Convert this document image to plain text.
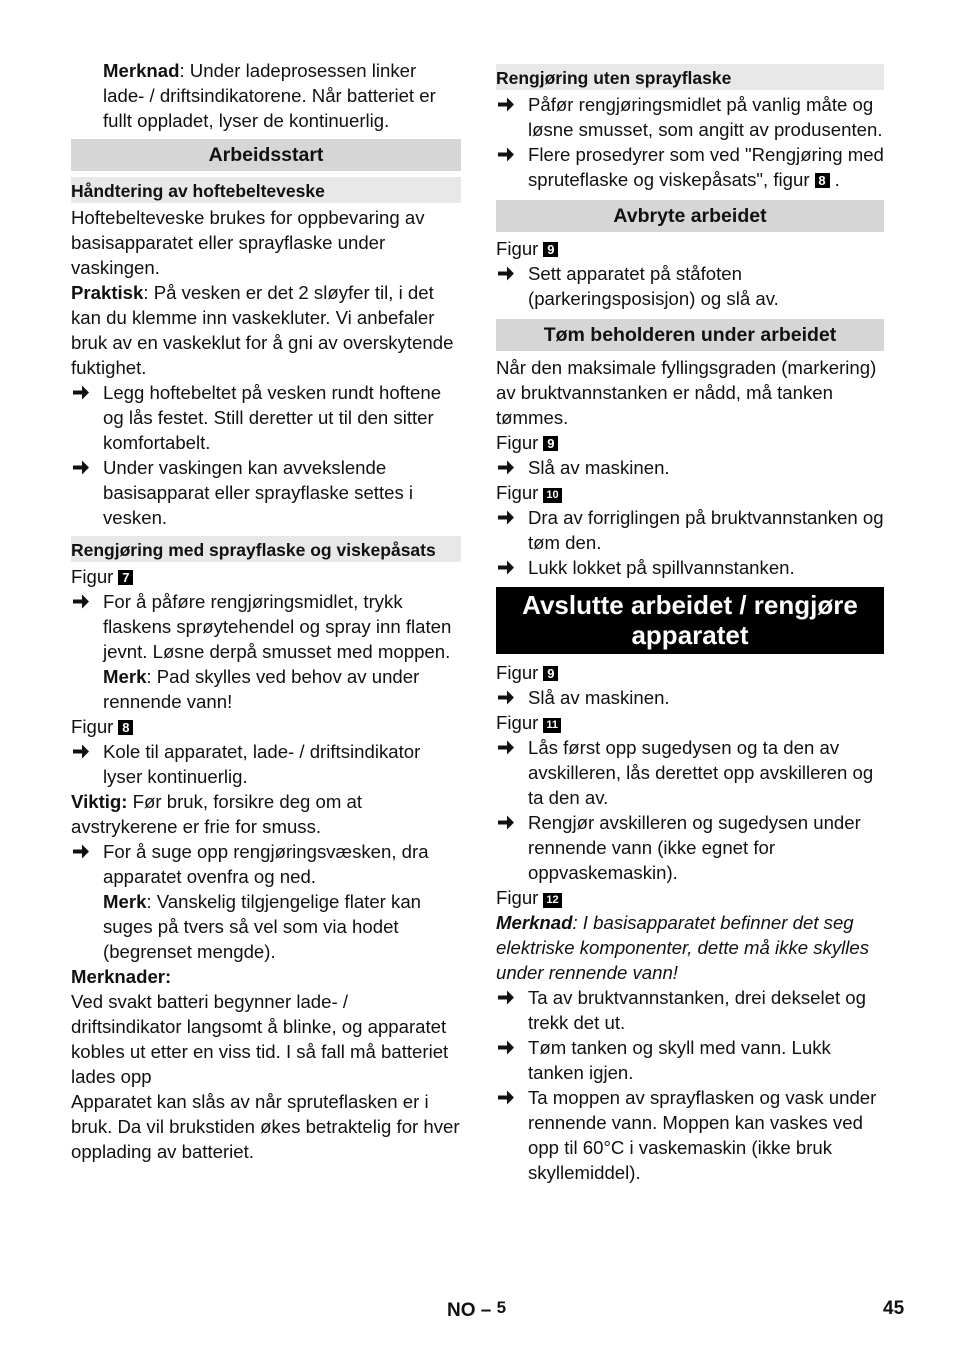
Merknad: Under ladeprosessen linker lade- / driftsindikatorene. Når batteriet er fullt oppladet, lyser de kontinuerlig.

Arbeidsstart
Håndtering av hoftebelteveske

Hoftebelteveske brukes for oppbevaring av basisapparatet eller sprayflaske under vaskingen.

Praktisk: På vesken er det 2 sløyfer til, i det kan du klemme inn vaskekluter. Vi anbefaler bruk av en vaskeklut for å gni av overskytende fuktighet.

Legg hoftebeltet på vesken rundt hoftene og lås festet. Still deretter ut til den sitter komfortabelt.
Under vaskingen kan avvekslende basisapparat eller sprayflaske settes i vesken.
Rengjøring med sprayflaske og viskepåsats

Figur 7

For å påføre rengjøringsmidlet, trykk flaskens sprøytehendel og spray inn flaten jevnt. Løsne derpå smusset med moppen.

Merk: Pad skylles ved behov av under rennende vann!

Figur 8

Kole til apparatet, lade- / driftsindikator lyser kontinuerlig.

Viktig: Før bruk, forsikre deg om at avstrykerene er frie for smuss.

For å suge opp rengjøringsvæsken, dra apparatet ovenfra og ned.

Merk: Vanskelig tilgjengelige flater kan suges på tvers så vel som via hodet (begrenset mengde).

Merknader:

Ved svakt batteri begynner lade- / driftsindikator langsomt å blinke, og apparatet kobles ut etter en viss tid. I så fall må batteriet lades opp

Apparatet kan slås av når spruteflasken er i bruk. Da vil brukstiden økes betraktelig for hver opplading av batteriet.

Rengjøring uten sprayflaske
Påfør rengjøringsmidlet på vanlig måte og løsne smusset, som angitt av produsenten.
Flere prosedyrer som ved "Rengjøring med spruteflaske og viskepåsats", figur 8 .
Avbryte arbeidet

Figur 9

Sett apparatet på ståfoten (parkeringsposisjon) og slå av.
Tøm beholderen under arbeidet

Når den maksimale fyllingsgraden (markering) av bruktvannstanken er nådd, må tanken tømmes.

Figur 9

Slå av maskinen.

Figur 10

Dra av forriglingen på bruktvannstanken og tøm den.
Lukk lokket på spillvannstanken.
Avslutte arbeidet / rengjøre apparatet

Figur 9

Slå av maskinen.

Figur 11

Lås først opp sugedysen og ta den av avskilleren, lås derettet opp avskilleren og ta den av.
Rengjør avskilleren og sugedysen under rennende vann (ikke egnet for oppvaskemaskin).

Figur 12

Merknad: I basisapparatet befinner det seg elektriske komponenter, dette må ikke skylles under rennende vann!

Ta av bruktvannstanken, drei dekselet og trekk det ut.
Tøm tanken og skyll med vann. Lukk tanken igjen.
Ta moppen av sprayflasken og vask under rennende vann. Moppen kan vaskes ved opp til 60°C i vaskemaskin (ikke bruk skyllemiddel).
NO – 5	45
